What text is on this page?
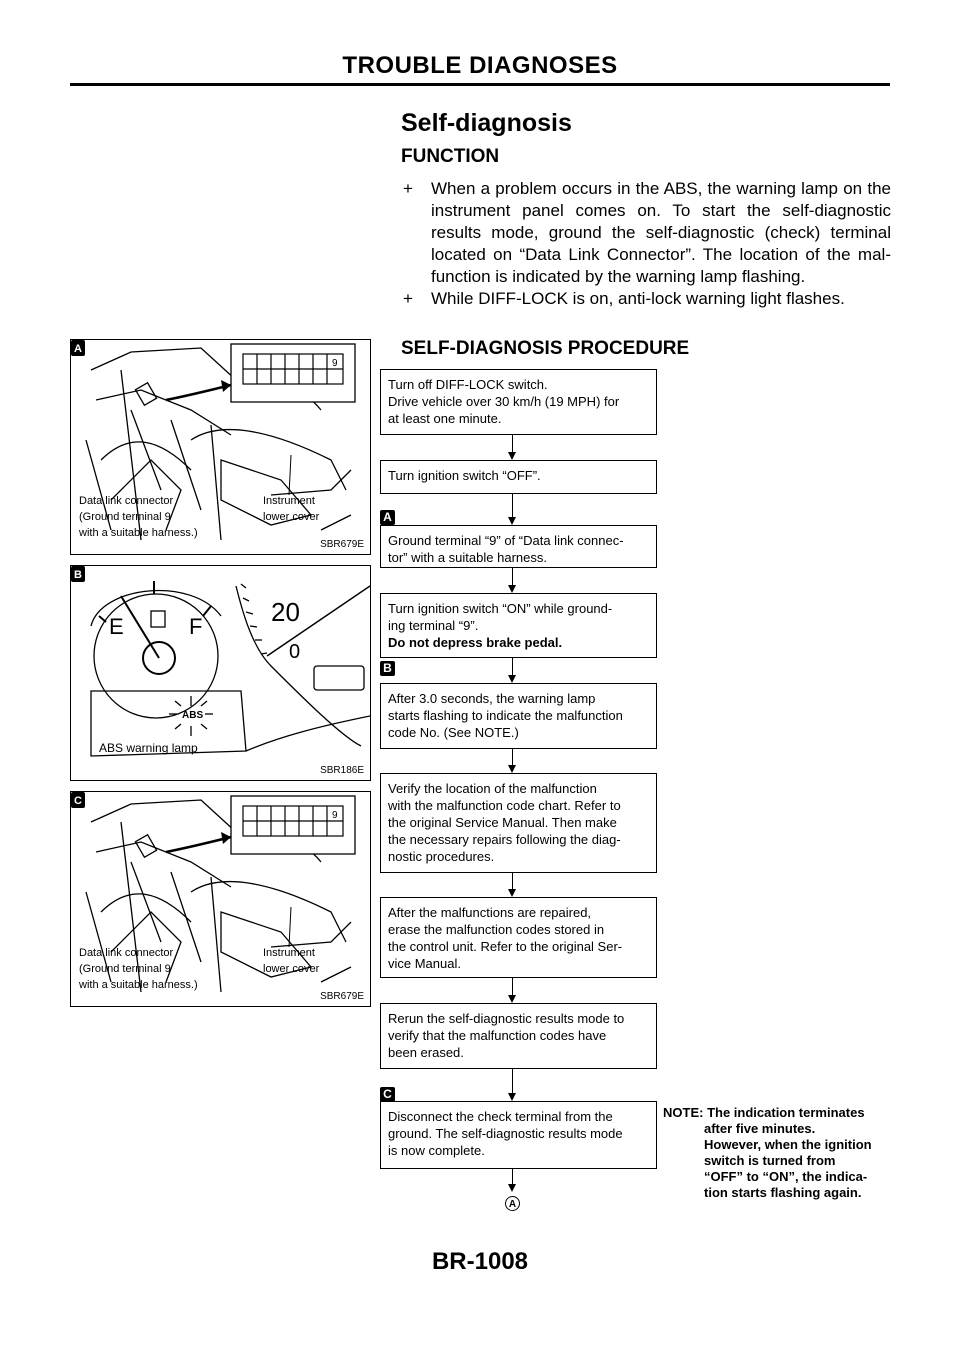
TROUBLE DIAGNOSES
Self-diagnosis
FUNCTION
+ When a problem occurs in the ABS, the warning lamp on the instrument panel comes on. To start the self-diagnostic results mode, ground the self-diagnostic (check) terminal located on “Data Link Connector”. The location of the mal-function is indicated by the warning lamp flashing.
+ While DIFF-LOCK is on, anti-lock warning light flashes.
SELF-DIAGNOSIS PROCEDURE
9
Data link connector
(Ground terminal 9
with a suitable harness.)
Instrument
lower cover
A
SBR679E
E	F	20
0
ABS
ABS warning lamp
B
SBR186E
9
Data link connector
(Ground terminal 9
with a suitable harness.)
Instrument
lower cover
C
SBR679E
Turn off DIFF-LOCK switch.
Drive vehicle over 30 km/h (19 MPH) for
at least one minute.
Turn ignition switch “OFF”.
A
Ground terminal “9” of “Data link connec-
tor” with a suitable harness.
Turn ignition switch “ON” while ground-
ing terminal “9”.
Do not depress brake pedal.
B
After 3.0 seconds, the warning lamp
starts flashing to indicate the malfunction
code No. (See NOTE.)
Verify the location of the malfunction
with the malfunction code chart. Refer to
the original Service Manual. Then make
the necessary repairs following the diag-
nostic procedures.
After the malfunctions are repaired,
erase the malfunction codes stored in
the control unit. Refer to the original Ser-
vice Manual.
Rerun the self-diagnostic results mode to
verify that the malfunction codes have
been erased.
C
Disconnect the check terminal from the
ground. The self-diagnostic results mode
is now complete.
A
NOTE: The indication terminates
after five minutes.
However, when the ignition
switch is turned from
“OFF” to “ON”, the indica-
tion starts flashing again.
BR-1008
